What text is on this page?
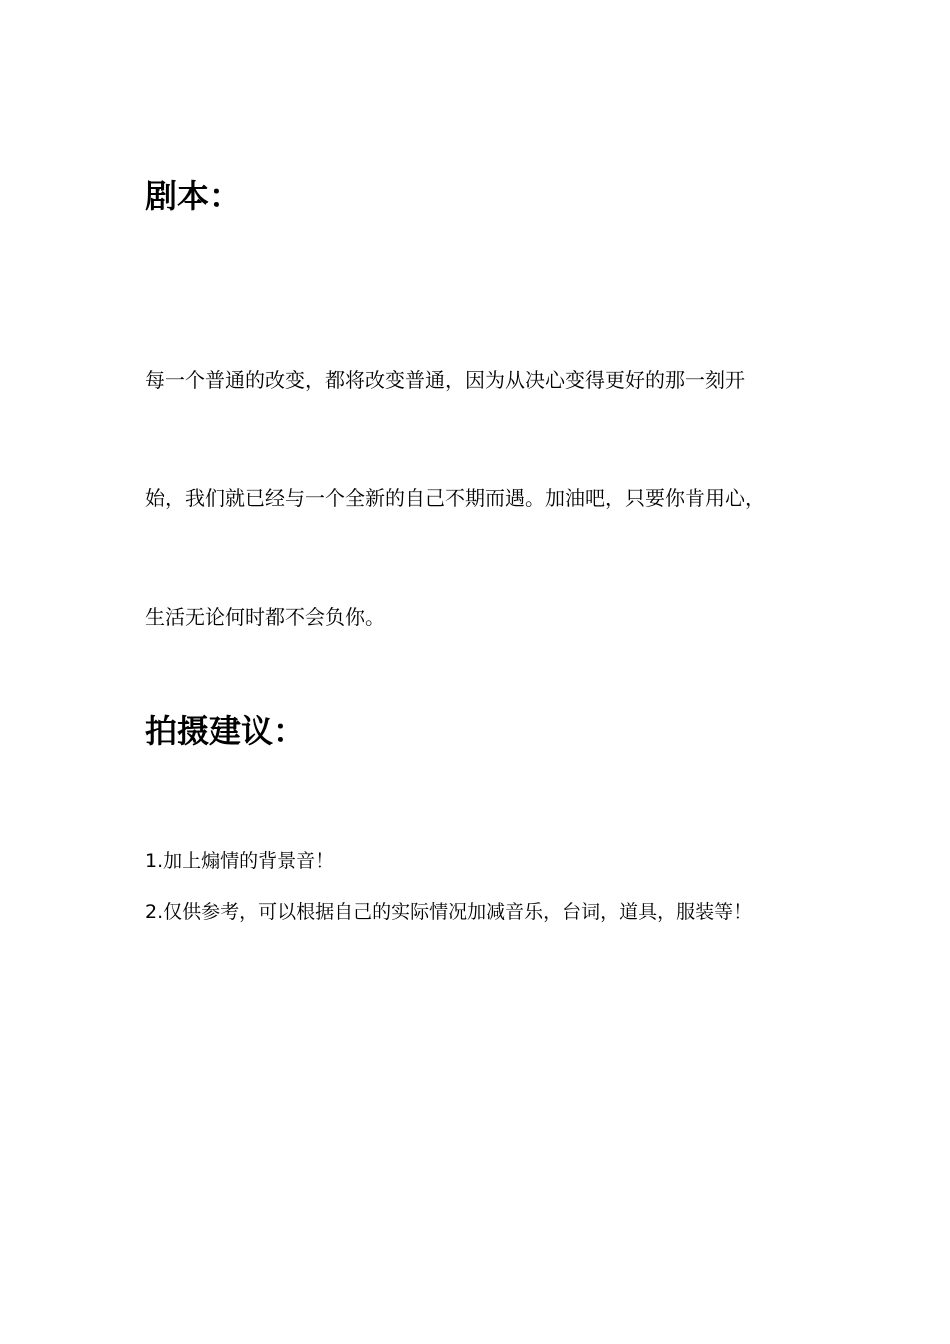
剧本：

每一个普通的改变，都将改变普通，因为从决心变得更好的那一刻开

始，我们就已经与一个全新的自己不期而遇。加油吧，只要你肯用心，

生活无论何时都不会负你。

拍摄建议：

1.加上煽情的背景音！

2.仅供参考，可以根据自己的实际情况加减音乐，台词，道具，服装等！
